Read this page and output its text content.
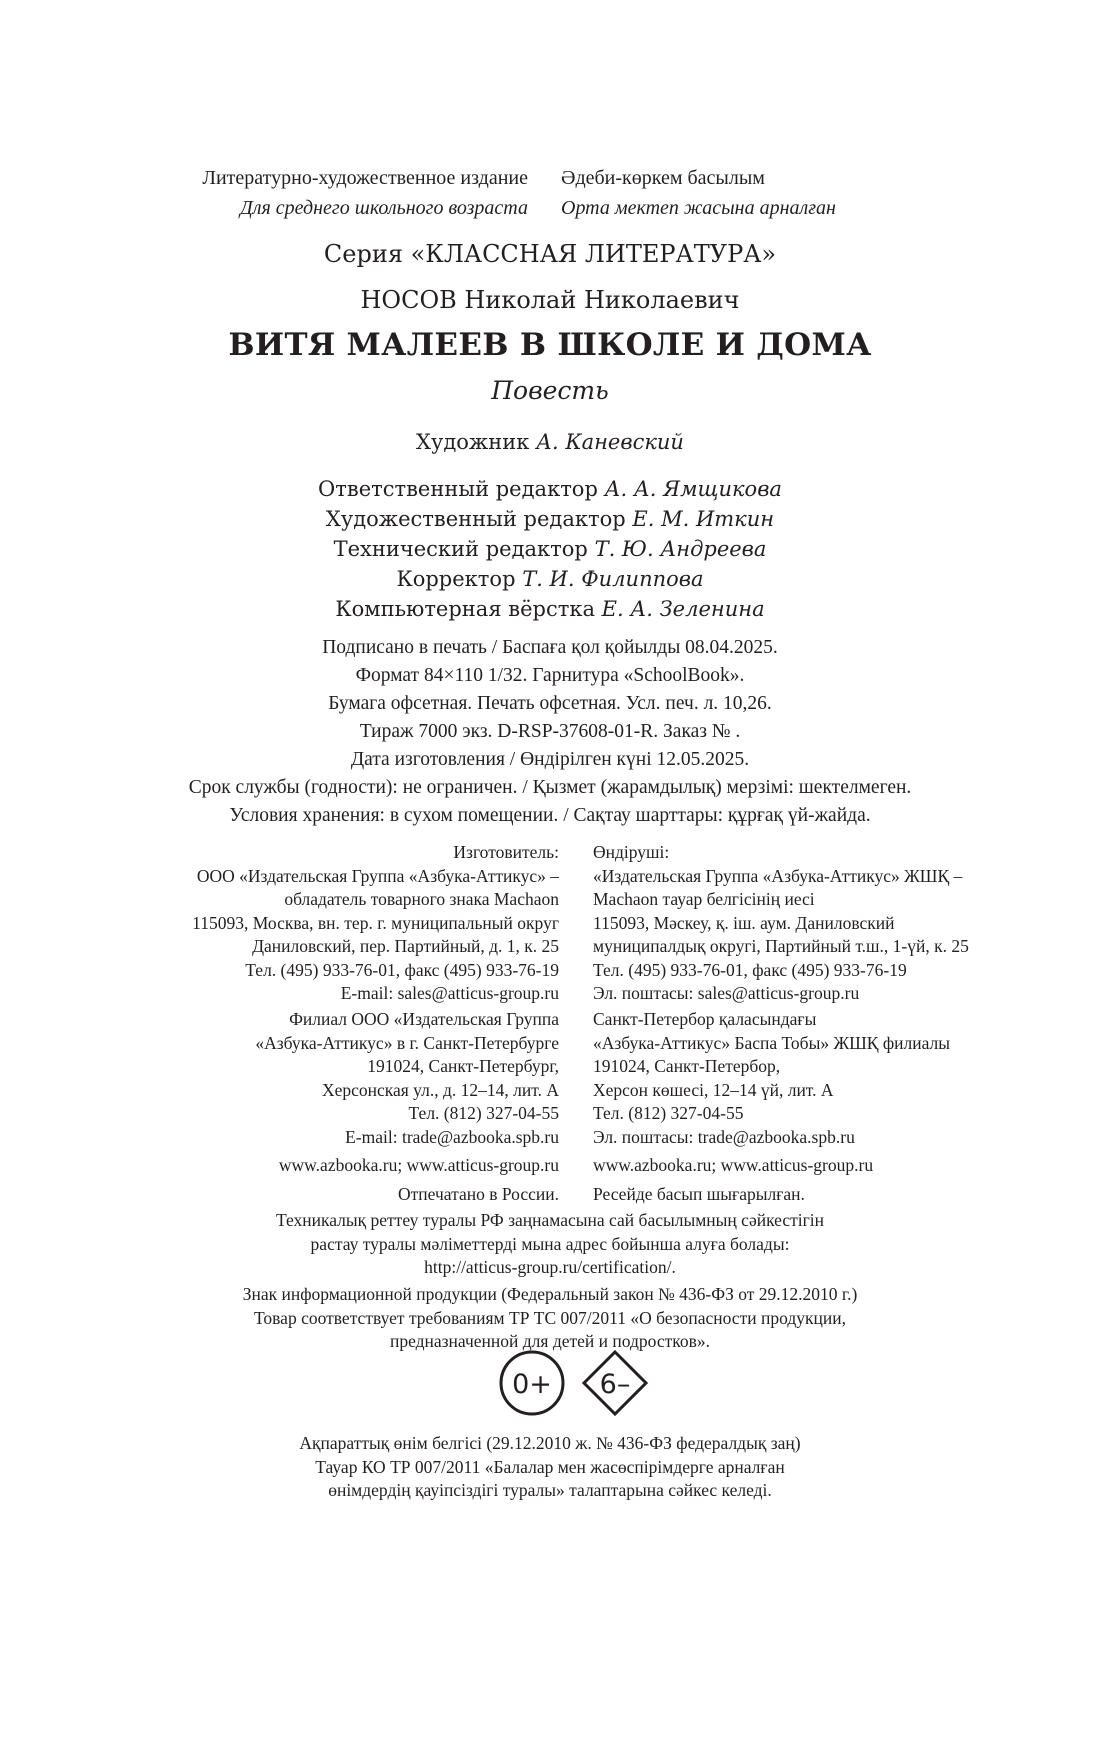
Литературно-художественное издание	Әдеби-көркем басылым
Для среднего школьного возраста	Орта мектеп жасына арналған
Серия «КЛАССНАЯ ЛИТЕРАТУРА»
НОСОВ Николай Николаевич
ВИТЯ МАЛЕЕВ В ШКОЛЕ И ДОМА
Повесть
Художник А. Каневский
Ответственный редактор А. А. Ямщикова
Художественный редактор Е. М. Иткин
Технический редактор Т. Ю. Андреева
Корректор Т. И. Филиппова
Компьютерная вёрстка Е. А. Зеленина
Подписано в печать / Баспаға қол қойылды 08.04.2025.
Формат 84×110 1/32. Гарнитура «SchoolBook».
Бумага офсетная. Печать офсетная. Усл. печ. л. 10,26.
Тираж 7000 экз. D-RSP-37608-01-R. Заказ № .
Дата изготовления / Өндірілген күні 12.05.2025.
Срок службы (годности): не ограничен. / Қызмет (жарамдылық) мерзімі: шектелмеген.
Условия хранения: в сухом помещении. / Сақтау шарттары: құрғақ үй-жайда.
Изготовитель:
ООО «Издательская Группа «Азбука-Аттикус» –
обладатель товарного знака Machaon
115093, Москва, вн. тер. г. муниципальный округ
Даниловский, пер. Партийный, д. 1, к. 25
Тел. (495) 933-76-01, факс (495) 933-76-19
E-mail: sales@atticus-group.ru
Өндіруші:
«Издательская Группа «Азбука-Аттикус» ЖШҚ –
Machaon тауар белгісінің иесі
115093, Мәскеу, қ. іш. аум. Даниловский
муниципалдық округі, Партийный т.ш., 1-үй, к. 25
Тел. (495) 933-76-01, факс (495) 933-76-19
Эл. поштасы: sales@atticus-group.ru
Филиал ООО «Издательская Группа
«Азбука-Аттикус» в г. Санкт-Петербурге
191024, Санкт-Петербург,
Херсонская ул., д. 12–14, лит. А
Тел. (812) 327-04-55
E-mail: trade@azbooka.spb.ru
www.azbooka.ru; www.atticus-group.ru
Отпечатано в России.
Санкт-Петербор қаласындағы
«Азбука-Аттикус» Баспа Тобы» ЖШҚ филиалы
191024, Санкт-Петербор,
Херсон көшесі, 12–14 үй, лит. А
Тел. (812) 327-04-55
Эл. поштасы: trade@azbooka.spb.ru
www.azbooka.ru; www.atticus-group.ru
Ресейде басып шығарылған.
Техникалық реттеу туралы РФ заңнамасына сай басылымның сәйкестігін
растау туралы мәліметтерді мына адрес бойынша алуға болады:
http://atticus-group.ru/certification/.
Знак информационной продукции (Федеральный закон № 436-ФЗ от 29.12.2010 г.)
Товар соответствует требованиям ТР ТС 007/2011 «О безопасности продукции,
предназначенной для детей и подростков».
0+ 6–
Ақпараттық өнім белгісі (29.12.2010 ж. № 436-ФЗ федералдық заң)
Тауар КО ТР 007/2011 «Балалар мен жасөспірімдерге арналған
өнімдердің қауіпсіздігі туралы» талаптарына сәйкес келеді.
